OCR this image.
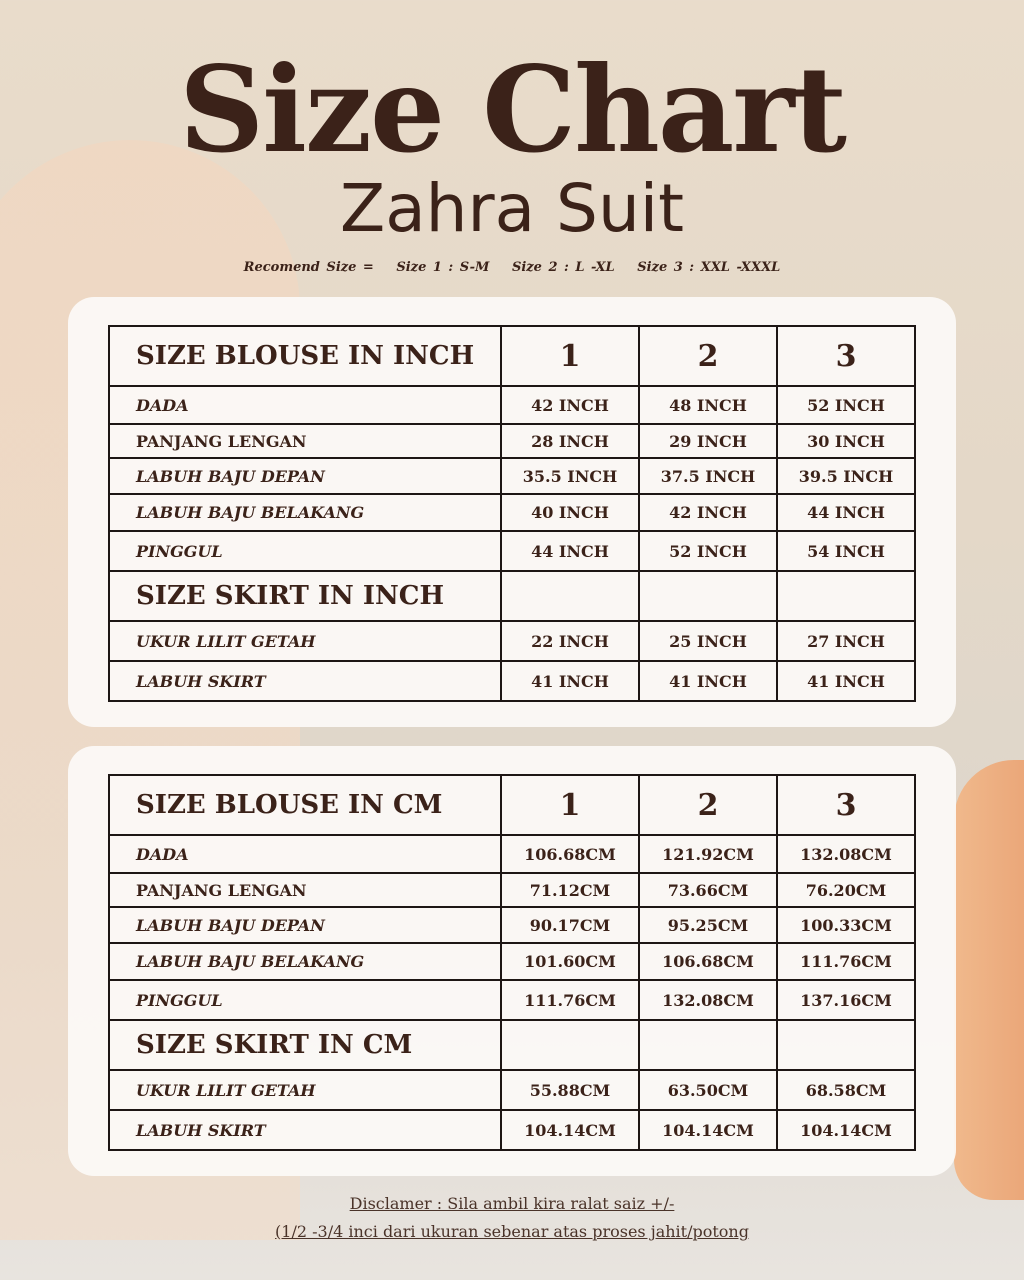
Size Chart
Zahra Suit
Recomend Size = Size 1 : S-M Size 2 : L -XL Size 3 : XXL -XXXL
SIZE BLOUSE IN INCH	1	2	3
DADA	42 INCH	48 INCH	52 INCH
PANJANG LENGAN	28 INCH	29 INCH	30 INCH
LABUH BAJU DEPAN	35.5 INCH	37.5 INCH	39.5 INCH
LABUH BAJU BELAKANG	40 INCH	42 INCH	44 INCH
PINGGUL	44 INCH	52 INCH	54 INCH
SIZE SKIRT IN INCH			
UKUR LILIT GETAH	22 INCH	25 INCH	27 INCH
LABUH SKIRT	41 INCH	41 INCH	41 INCH
SIZE BLOUSE IN CM	1	2	3
DADA	106.68CM	121.92CM	132.08CM
PANJANG LENGAN	71.12CM	73.66CM	76.20CM
LABUH BAJU DEPAN	90.17CM	95.25CM	100.33CM
LABUH BAJU BELAKANG	101.60CM	106.68CM	111.76CM
PINGGUL	111.76CM	132.08CM	137.16CM
SIZE SKIRT IN CM			
UKUR LILIT GETAH	55.88CM	63.50CM	68.58CM
LABUH SKIRT	104.14CM	104.14CM	104.14CM
Disclamer : Sila ambil kira ralat saiz +/-
(1/2 -3/4 inci dari ukuran sebenar atas proses jahit/potong
